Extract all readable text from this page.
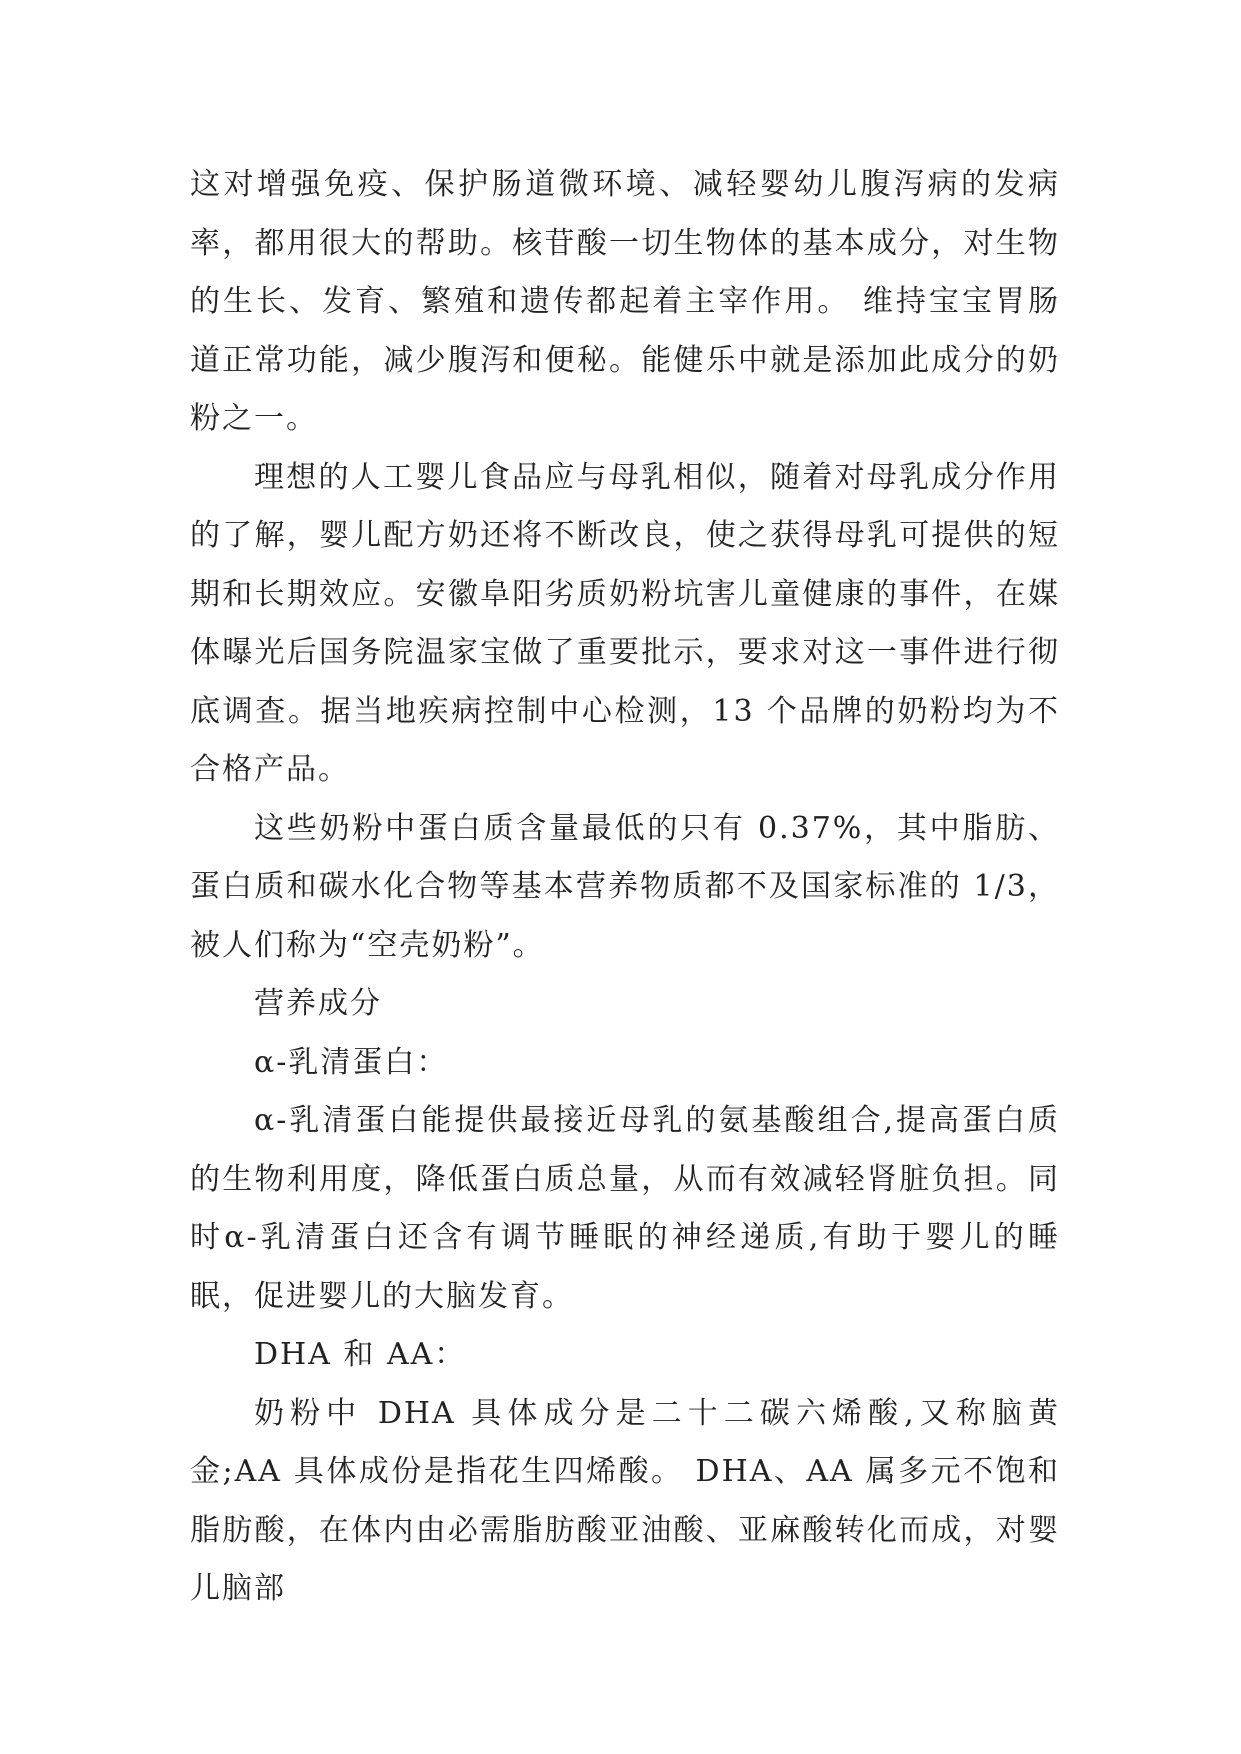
这对增强免疫、保护肠道微环境、减轻婴幼儿腹泻病的发病率，都用很大的帮助。核苷酸一切生物体的基本成分，对生物的生长、发育、繁殖和遗传都起着主宰作用。 维持宝宝胃肠道正常功能，减少腹泻和便秘。能健乐中就是添加此成分的奶粉之一。

理想的人工婴儿食品应与母乳相似，随着对母乳成分作用的了解，婴儿配方奶还将不断改良，使之获得母乳可提供的短期和长期效应。安徽阜阳劣质奶粉坑害儿童健康的事件，在媒体曝光后国务院温家宝做了重要批示，要求对这一事件进行彻底调查。据当地疾病控制中心检测，13 个品牌的奶粉均为不合格产品。

这些奶粉中蛋白质含量最低的只有 0.37%，其中脂肪、蛋白质和碳水化合物等基本营养物质都不及国家标准的 1/3，被人们称为“空壳奶粉”。

营养成分

α-乳清蛋白：

α-乳清蛋白能提供最接近母乳的氨基酸组合,提高蛋白质的生物利用度，降低蛋白质总量，从而有效减轻肾脏负担。同时α-乳清蛋白还含有调节睡眠的神经递质,有助于婴儿的睡眠，促进婴儿的大脑发育。

DHA 和 AA：

奶粉中 DHA 具体成分是二十二碳六烯酸,又称脑黄金;AA 具体成份是指花生四烯酸。 DHA、AA 属多元不饱和脂肪酸，在体内由必需脂肪酸亚油酸、亚麻酸转化而成，对婴儿脑部
